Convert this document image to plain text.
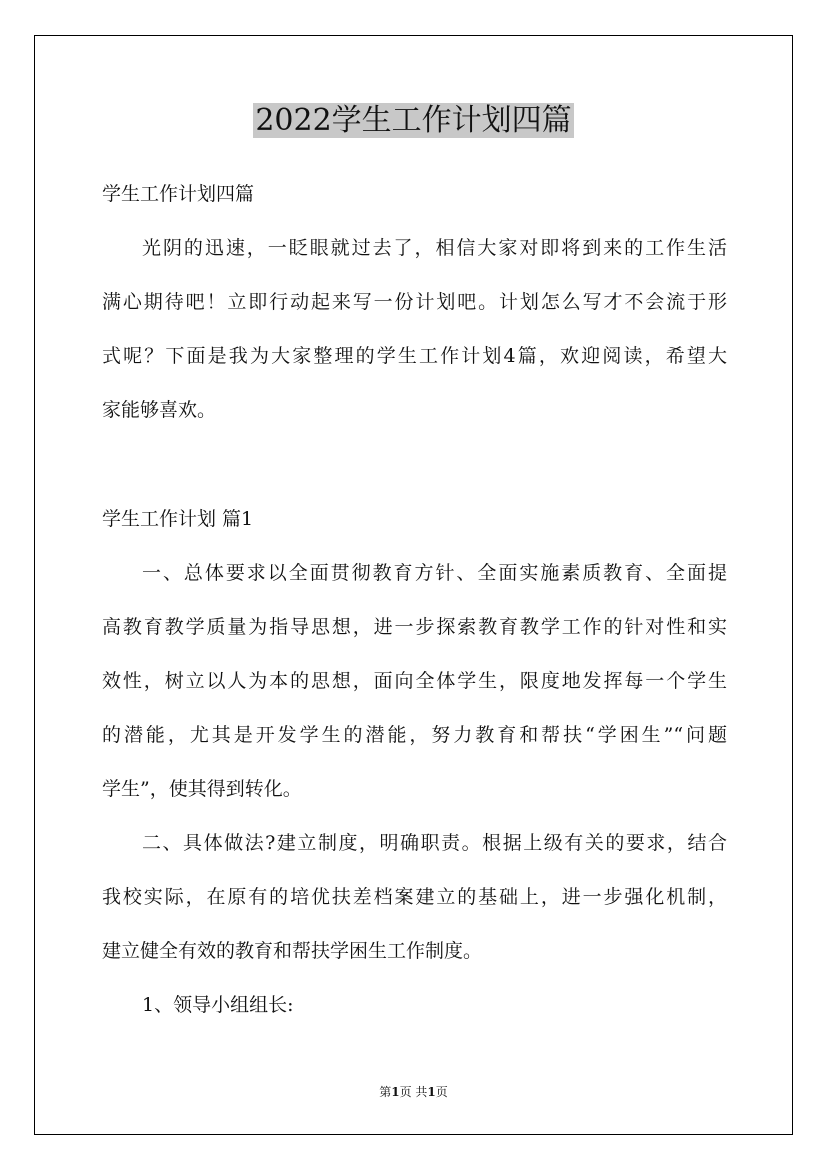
2022学生工作计划四篇

学生工作计划四篇

光阴的迅速，一眨眼就过去了，相信大家对即将到来的工作生活

满心期待吧！立即行动起来写一份计划吧。计划怎么写才不会流于形

式呢？下面是我为大家整理的学生工作计划4篇，欢迎阅读，希望大

家能够喜欢。

学生工作计划 篇1

一、总体要求以全面贯彻教育方针、全面实施素质教育、全面提

高教育教学质量为指导思想，进一步探索教育教学工作的针对性和实

效性，树立以人为本的思想，面向全体学生，限度地发挥每一个学生

的潜能，尤其是开发学生的潜能，努力教育和帮扶“学困生”“问题

学生”，使其得到转化。

二、具体做法?建立制度，明确职责。根据上级有关的要求，结合

我校实际，在原有的培优扶差档案建立的基础上，进一步强化机制，

建立健全有效的教育和帮扶学困生工作制度。

1、领导小组组长:

第1页 共1页
